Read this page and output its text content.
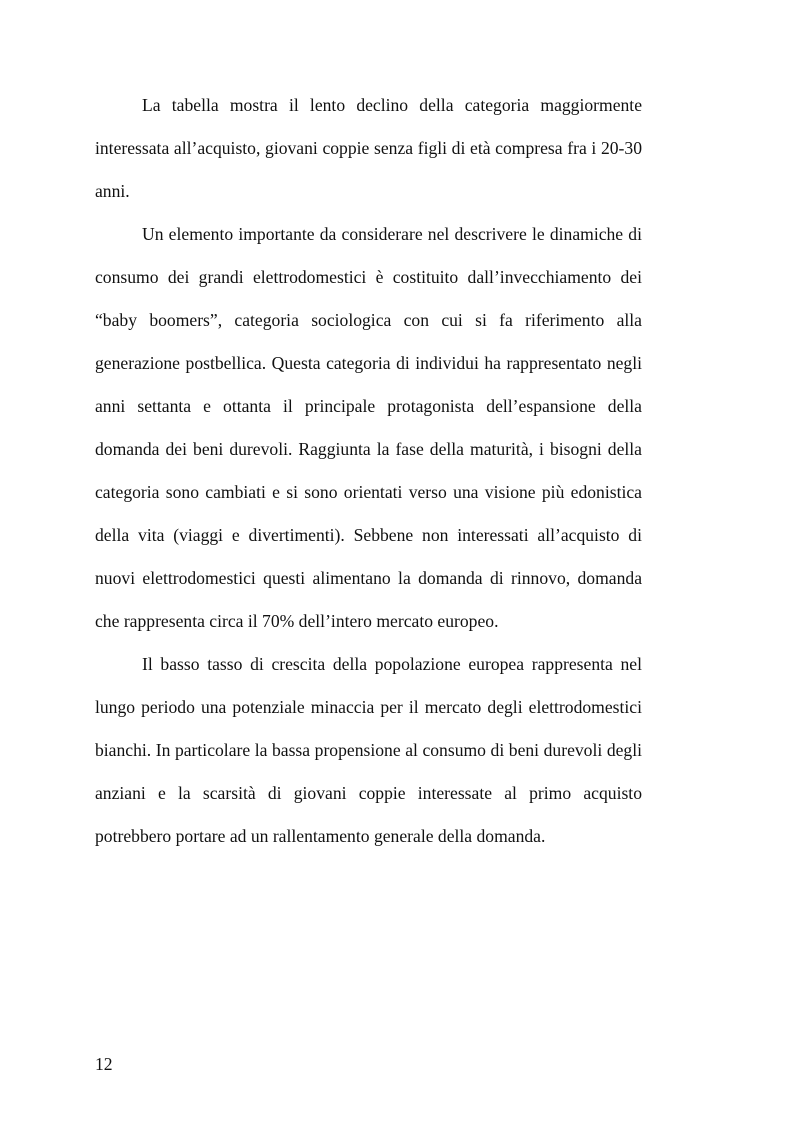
La tabella mostra il lento declino della categoria maggiormente interessata all’acquisto, giovani coppie senza figli di età compresa fra i 20-30 anni.

Un elemento importante da considerare nel descrivere le dinamiche di consumo dei grandi elettrodomestici è costituito dall’invecchiamento dei “baby boomers”, categoria sociologica con cui si fa riferimento alla generazione postbellica. Questa categoria di individui ha rappresentato negli anni settanta e ottanta il principale protagonista dell’espansione della domanda dei beni durevoli. Raggiunta la fase della maturità, i bisogni della categoria sono cambiati e si sono orientati verso una visione più edonistica della vita (viaggi e divertimenti). Sebbene non interessati all’acquisto di nuovi elettrodomestici questi alimentano la domanda di rinnovo, domanda che rappresenta circa il 70% dell’intero mercato europeo.

Il basso tasso di crescita della popolazione europea rappresenta nel lungo periodo una potenziale minaccia per il mercato degli elettrodomestici bianchi. In particolare la bassa propensione al consumo di beni durevoli degli anziani e la scarsità di giovani coppie interessate al primo acquisto potrebbero portare ad un rallentamento generale della domanda.

12
